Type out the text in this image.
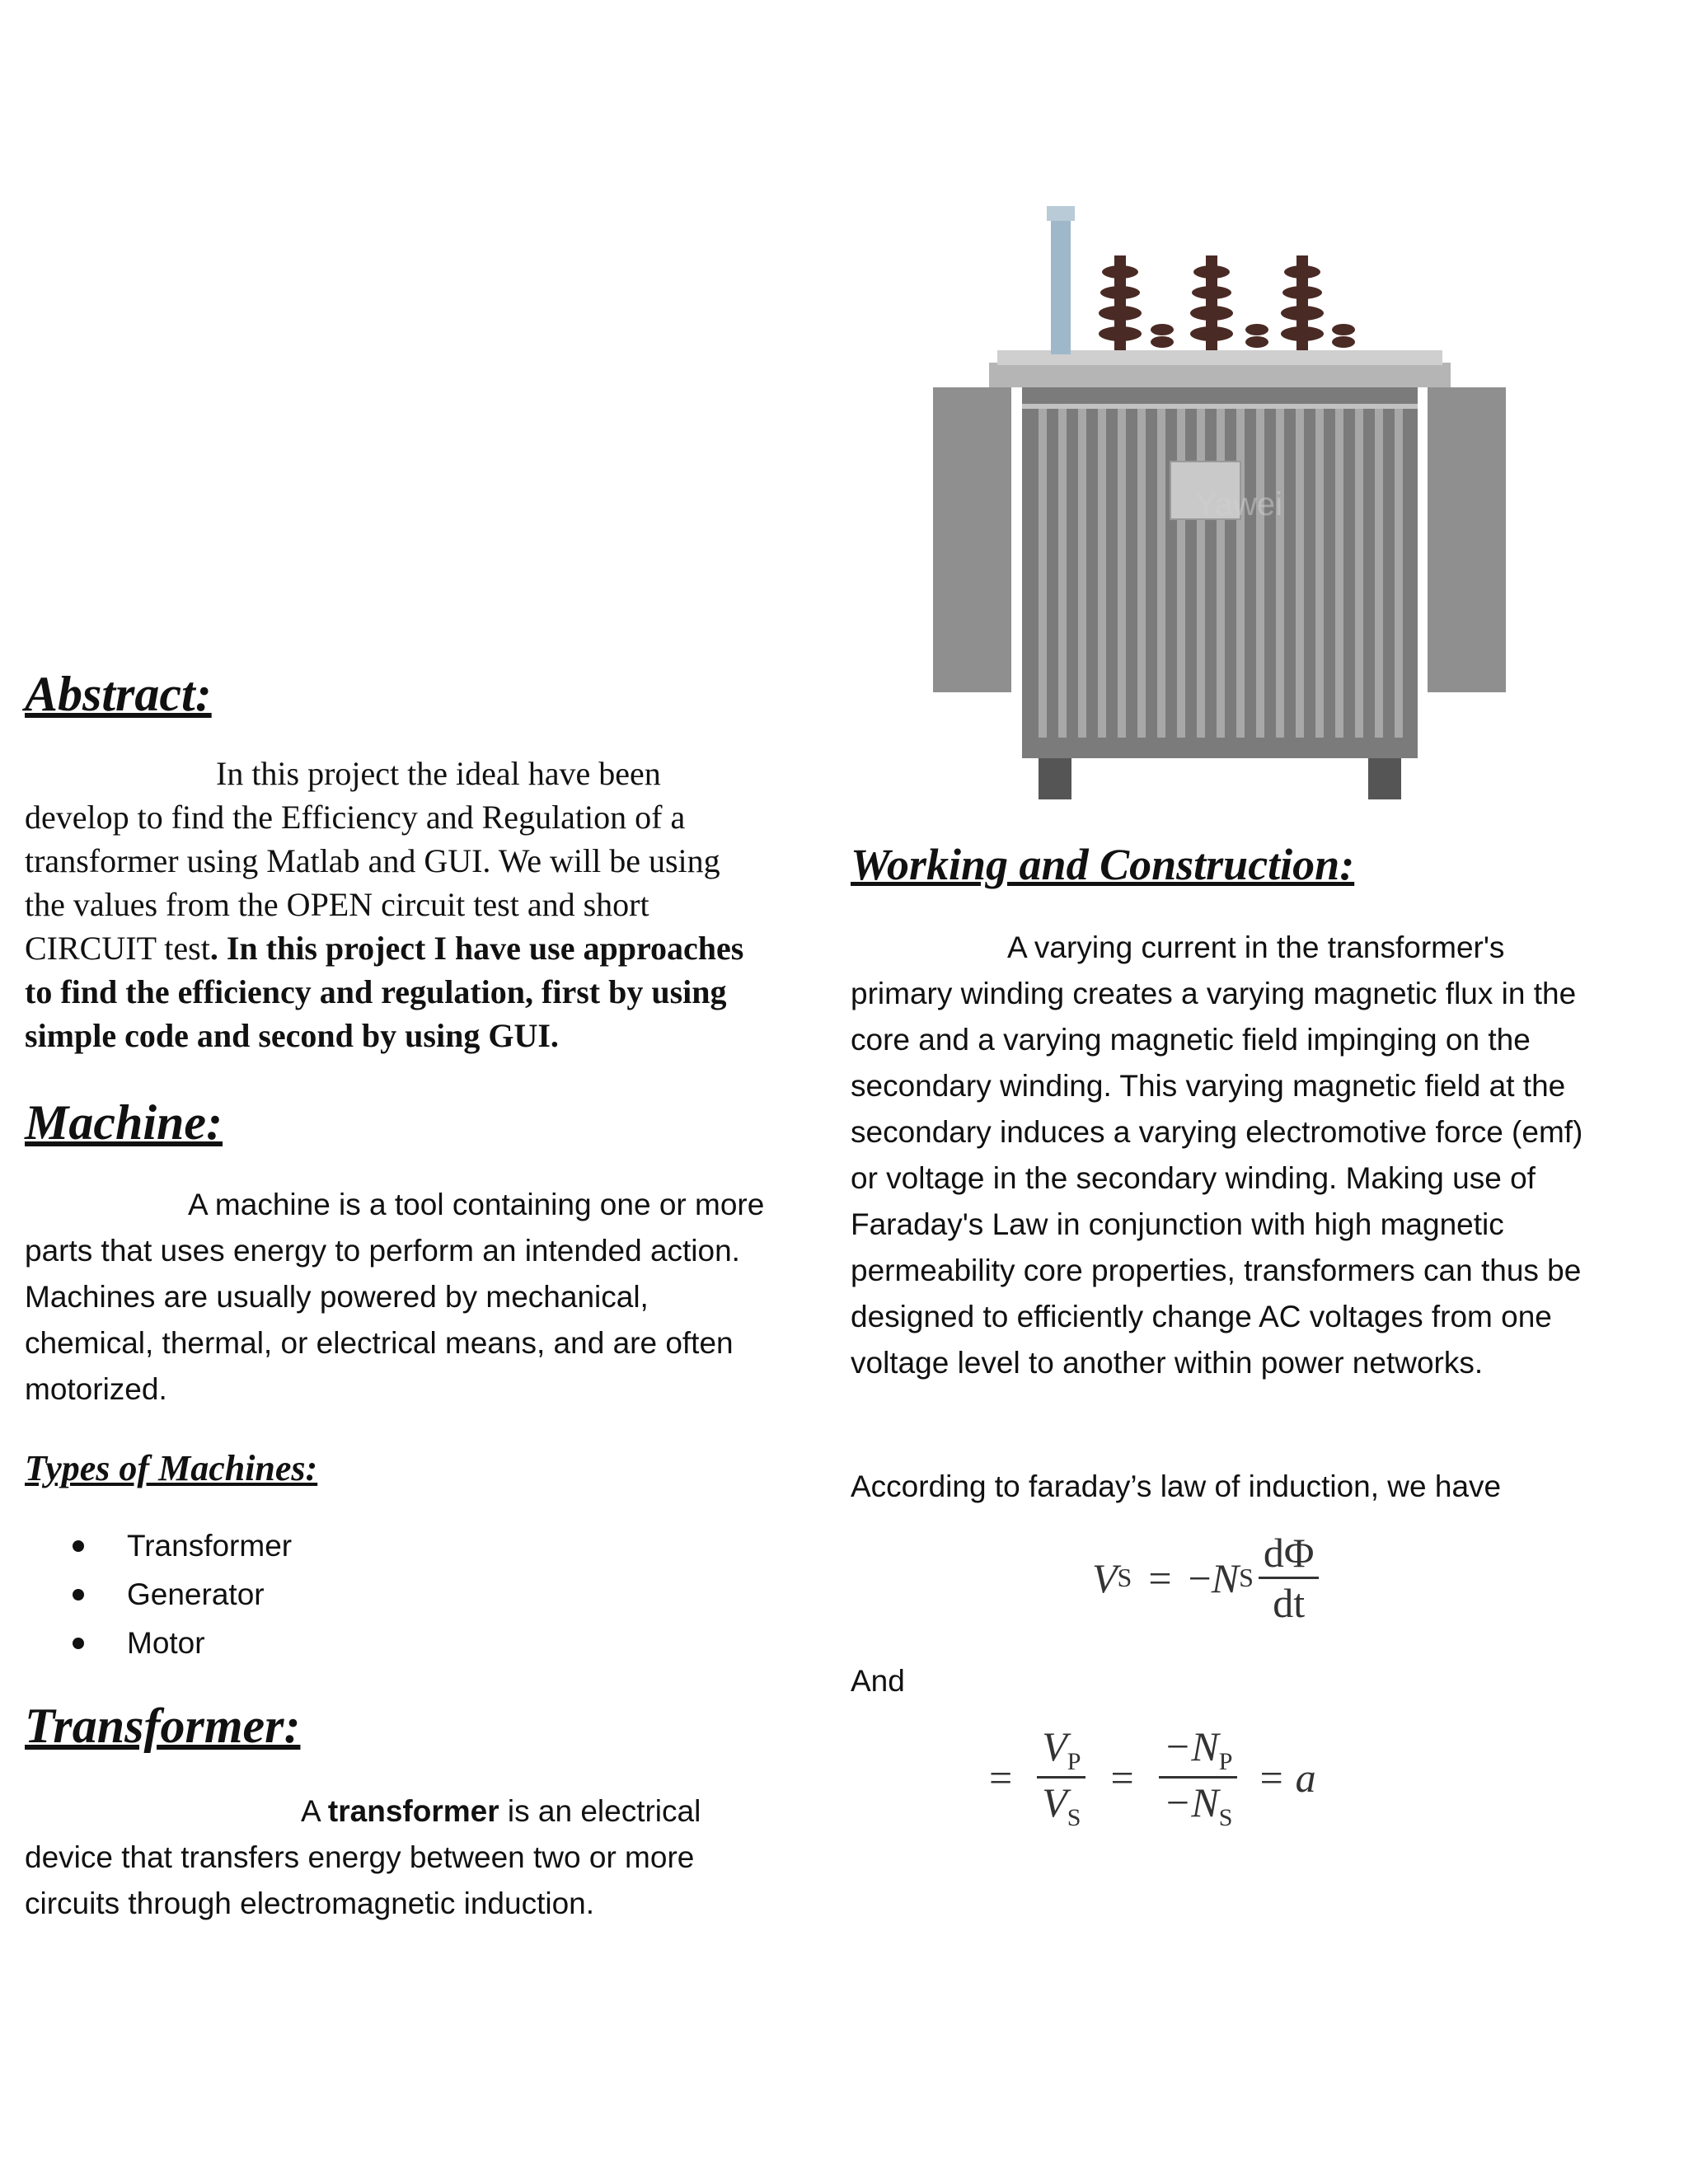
Yawei
Abstract:

In this project the ideal have been develop to find the Efficiency and Regulation of a transformer using Matlab and GUI. We will be using the values from the OPEN circuit test and short CIRCUIT test. In this project I have use approaches to find the efficiency and regulation, first by using simple code and second by using GUI.

Machine:

A machine is a tool containing one or more parts that uses energy to perform an intended action. Machines are usually powered by mechanical, chemical, thermal, or electrical means, and are often motorized.

Types of Machines:
Transformer
Generator
Motor
Transformer:

A transformer is an electrical device that transfers energy between two or more circuits through electromagnetic induction.

Working and Construction:

A varying current in the transformer's primary winding creates a varying magnetic flux in the core and a varying magnetic field impinging on the secondary winding. This varying magnetic field at the secondary induces a varying electromotive force (emf) or voltage in the secondary winding. Making use of Faraday's Law in conjunction with high magnetic permeability core properties, transformers can thus be designed to efficiently change AC voltages from one voltage level to another within power networks.

According to faraday’s law of induction, we have

V S = − N S $\frac{d\Phi}{dt}$

And

= $\frac{V_P}{V_S} = \frac{-N_P}{-N_S} = a$
